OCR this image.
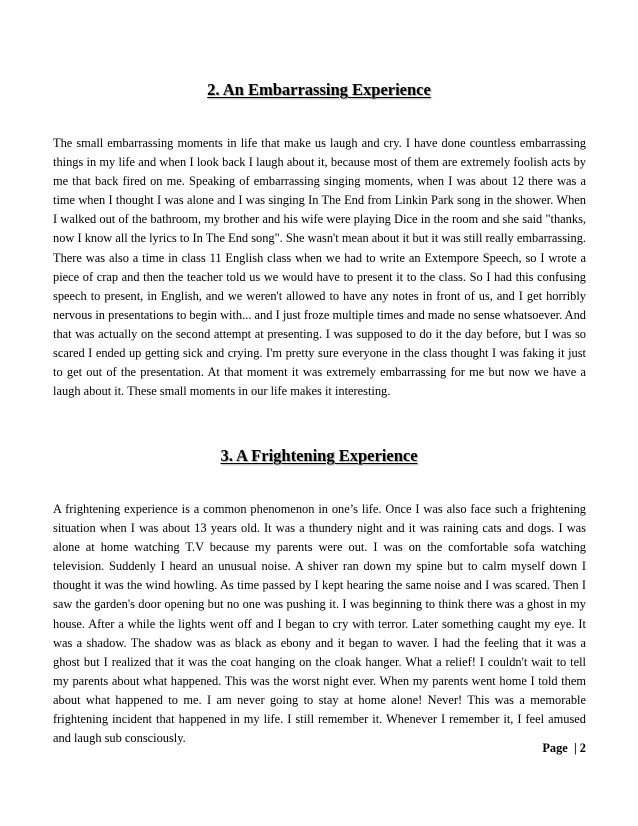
2. An Embarrassing Experience

The small embarrassing moments in life that make us laugh and cry. I have done countless embarrassing things in my life and when I look back I laugh about it, because most of them are extremely foolish acts by me that back fired on me. Speaking of embarrassing singing moments, when I was about 12 there was a time when I thought I was alone and I was singing In The End from Linkin Park song in the shower. When I walked out of the bathroom, my brother and his wife were playing Dice in the room and she said "thanks, now I know all the lyrics to In The End song". She wasn't mean about it but it was still really embarrassing. There was also a time in class 11 English class when we had to write an Extempore Speech, so I wrote a piece of crap and then the teacher told us we would have to present it to the class. So I had this confusing speech to present, in English, and we weren't allowed to have any notes in front of us, and I get horribly nervous in presentations to begin with... and I just froze multiple times and made no sense whatsoever. And that was actually on the second attempt at presenting. I was supposed to do it the day before, but I was so scared I ended up getting sick and crying. I'm pretty sure everyone in the class thought I was faking it just to get out of the presentation. At that moment it was extremely embarrassing for me but now we have a laugh about it. These small moments in our life makes it interesting.

3. A Frightening Experience

A frightening experience is a common phenomenon in one’s life. Once I was also face such a frightening situation when I was about 13 years old. It was a thundery night and it was raining cats and dogs. I was alone at home watching T.V because my parents were out. I was on the comfortable sofa watching television. Suddenly I heard an unusual noise. A shiver ran down my spine but to calm myself down I thought it was the wind howling. As time passed by I kept hearing the same noise and I was scared. Then I saw the garden's door opening but no one was pushing it. I was beginning to think there was a ghost in my house. After a while the lights went off and I began to cry with terror. Later something caught my eye. It was a shadow. The shadow was as black as ebony and it began to waver. I had the feeling that it was a ghost but I realized that it was the coat hanging on the cloak hanger. What a relief! I couldn't wait to tell my parents about what happened. This was the worst night ever. When my parents went home I told them about what happened to me. I am never going to stay at home alone! Never! This was a memorable frightening incident that happened in my life. I still remember it. Whenever I remember it, I feel amused and laugh sub consciously.

Page  | 2
